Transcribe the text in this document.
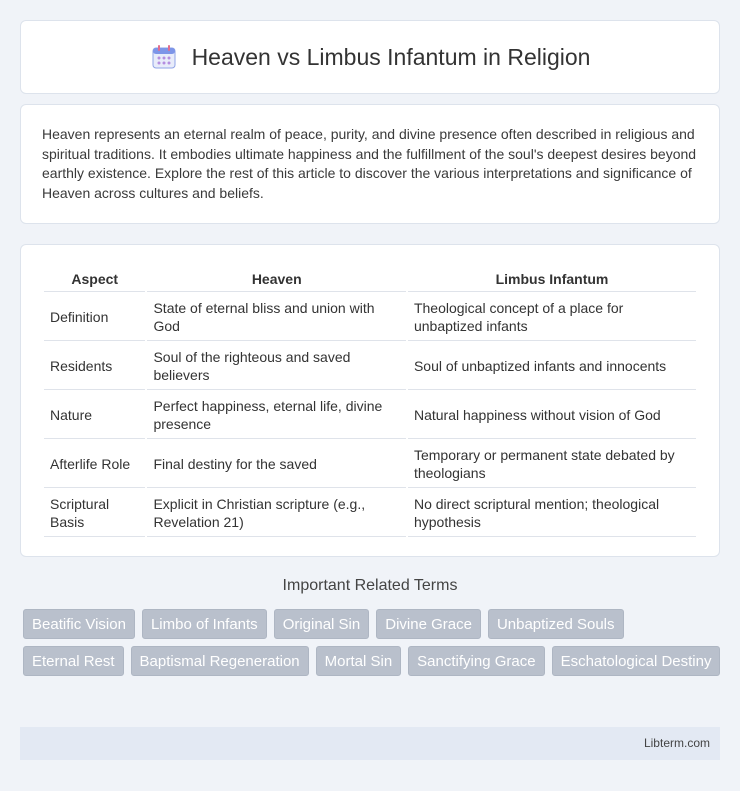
Heaven vs Limbus Infantum in Religion

Heaven represents an eternal realm of peace, purity, and divine presence often described in religious and spiritual traditions. It embodies ultimate happiness and the fulfillment of the soul's deepest desires beyond earthly existence. Explore the rest of this article to discover the various interpretations and significance of Heaven across cultures and beliefs.

Aspect	Heaven	Limbus Infantum
Definition	State of eternal bliss and union with God	Theological concept of a place for unbaptized infants
Residents	Soul of the righteous and saved believers	Soul of unbaptized infants and innocents
Nature	Perfect happiness, eternal life, divine presence	Natural happiness without vision of God
Afterlife Role	Final destiny for the saved	Temporary or permanent state debated by theologians
Scriptural Basis	Explicit in Christian scripture (e.g., Revelation 21)	No direct scriptural mention; theological hypothesis
Important Related Terms
Beatific Vision	Limbo of Infants	Original Sin	Divine Grace	Unbaptized Souls
Eternal Rest	Baptismal Regeneration	Mortal Sin	Sanctifying Grace	Eschatological Destiny
Libterm.com
